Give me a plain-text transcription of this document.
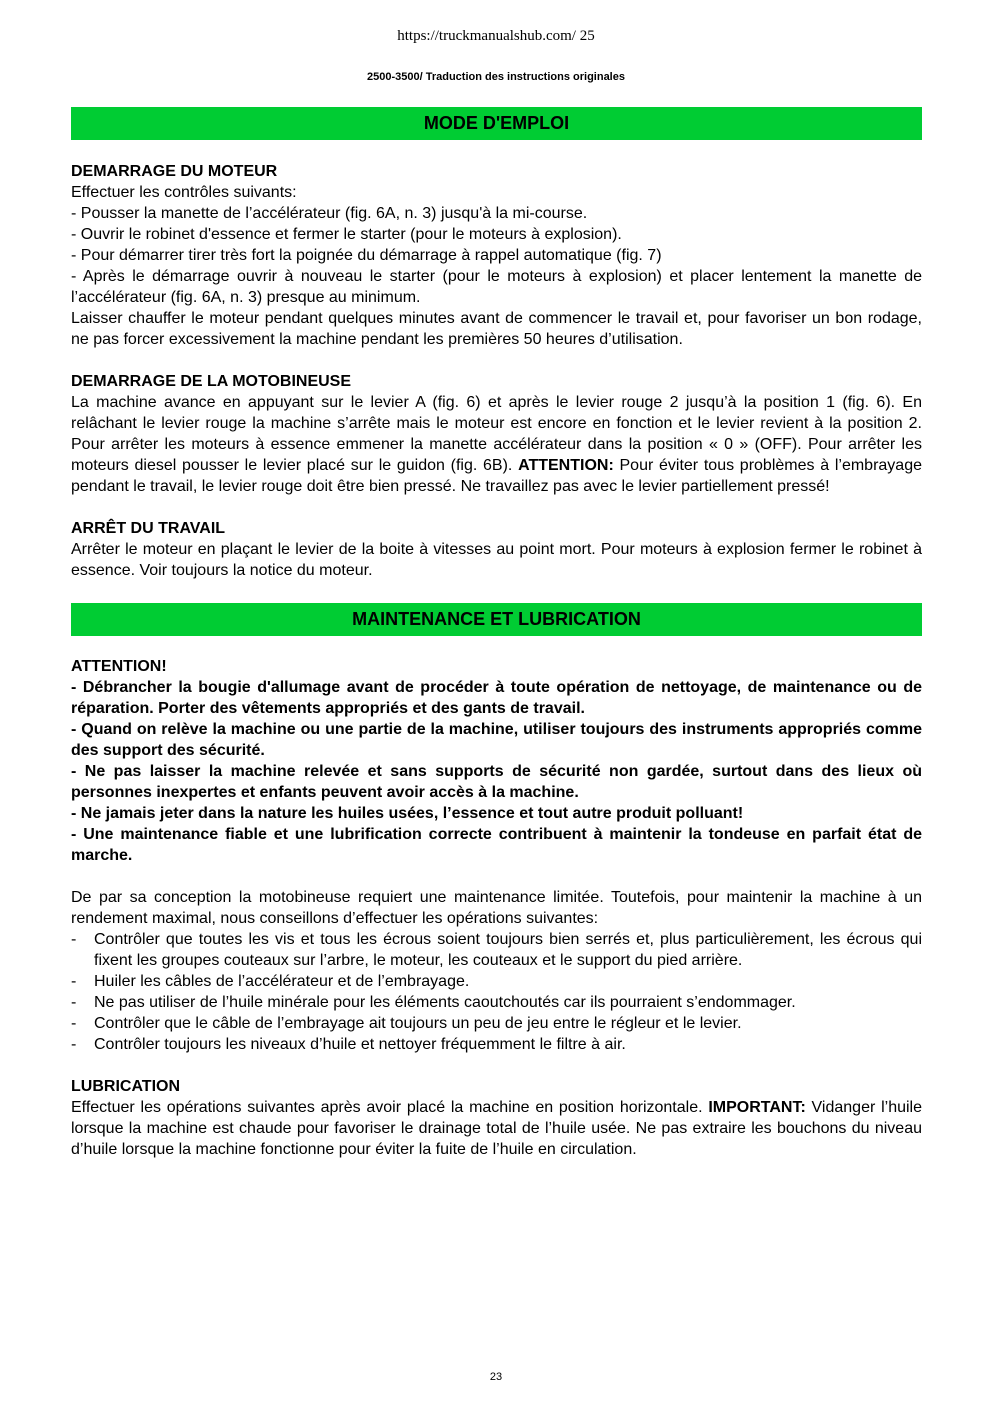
https://truckmanualshub.com/ 25
2500-3500/ Traduction des instructions originales
MODE D'EMPLOI

DEMARRAGE DU MOTEUR

Effectuer les contrôles suivants:

- Pousser la manette de l’accélérateur (fig. 6A, n. 3) jusqu'à la mi-course.

- Ouvrir le robinet d'essence et fermer le starter (pour le moteurs à explosion).

- Pour démarrer tirer très fort la poignée du démarrage à rappel automatique (fig. 7)

- Après le démarrage ouvrir à nouveau le starter (pour le moteurs à explosion) et placer lentement la manette de l’accélérateur (fig. 6A, n. 3) presque au minimum.

Laisser chauffer le moteur pendant quelques minutes avant de commencer le travail et, pour favoriser un bon rodage, ne pas forcer excessivement la machine pendant les premières 50 heures d’utilisation.

DEMARRAGE DE LA MOTOBINEUSE

La machine avance en appuyant sur le levier A (fig. 6) et après le levier rouge 2 jusqu’à la position 1 (fig. 6). En relâchant le levier rouge la machine s’arrête mais le moteur est encore en fonction et le levier revient à la position 2. Pour arrêter les moteurs à essence emmener la manette accélérateur dans la position « 0 » (OFF). Pour arrêter les moteurs diesel pousser le levier placé sur le guidon (fig. 6B). ATTENTION: Pour éviter tous problèmes à l’embrayage pendant le travail, le levier rouge doit être bien pressé. Ne travaillez pas avec le levier partiellement pressé!

ARRÊT DU TRAVAIL

Arrêter le moteur en plaçant le levier de la boite à vitesses au point mort. Pour moteurs à explosion fermer le robinet à essence. Voir toujours la notice du moteur.

MAINTENANCE ET LUBRICATION

ATTENTION!

- Débrancher la bougie d'allumage avant de procéder à toute opération de nettoyage, de maintenance ou de réparation. Porter des vêtements appropriés et des gants de travail.

- Quand on relève la machine ou une partie de la machine, utiliser toujours des instruments appropriés comme des support des sécurité.

- Ne pas laisser la machine relevée et sans supports de sécurité non gardée, surtout dans des lieux où personnes inexpertes et enfants peuvent avoir accès à la machine.

- Ne jamais jeter dans la nature les huiles usées, l’essence et tout autre produit polluant!

- Une maintenance fiable et une lubrification correcte contribuent à maintenir la tondeuse en parfait état de marche.

De par sa conception la motobineuse requiert une maintenance limitée. Toutefois, pour maintenir la machine à un rendement maximal, nous conseillons d’effectuer les opérations suivantes:

-	Contrôler que toutes les vis et tous les écrous soient toujours bien serrés et, plus particulièrement, les écrous qui fixent les groupes couteaux sur l’arbre, le moteur, les couteaux et le support du pied arrière.
-	Huiler les câbles de l’accélérateur et de l’embrayage.
-	Ne pas utiliser de l’huile minérale pour les éléments caoutchoutés car ils pourraient s’endommager.
-	Contrôler que le câble de l’embrayage ait toujours un peu de jeu entre le régleur et le levier.
-	Contrôler toujours les niveaux d’huile et nettoyer fréquemment le filtre à air.

LUBRICATION

Effectuer les opérations suivantes après avoir placé la machine en position horizontale. IMPORTANT: Vidanger l’huile lorsque la machine est chaude pour favoriser le drainage total de l’huile usée. Ne pas extraire les bouchons du niveau d’huile lorsque la machine fonctionne pour éviter la fuite de l’huile en circulation.

23
